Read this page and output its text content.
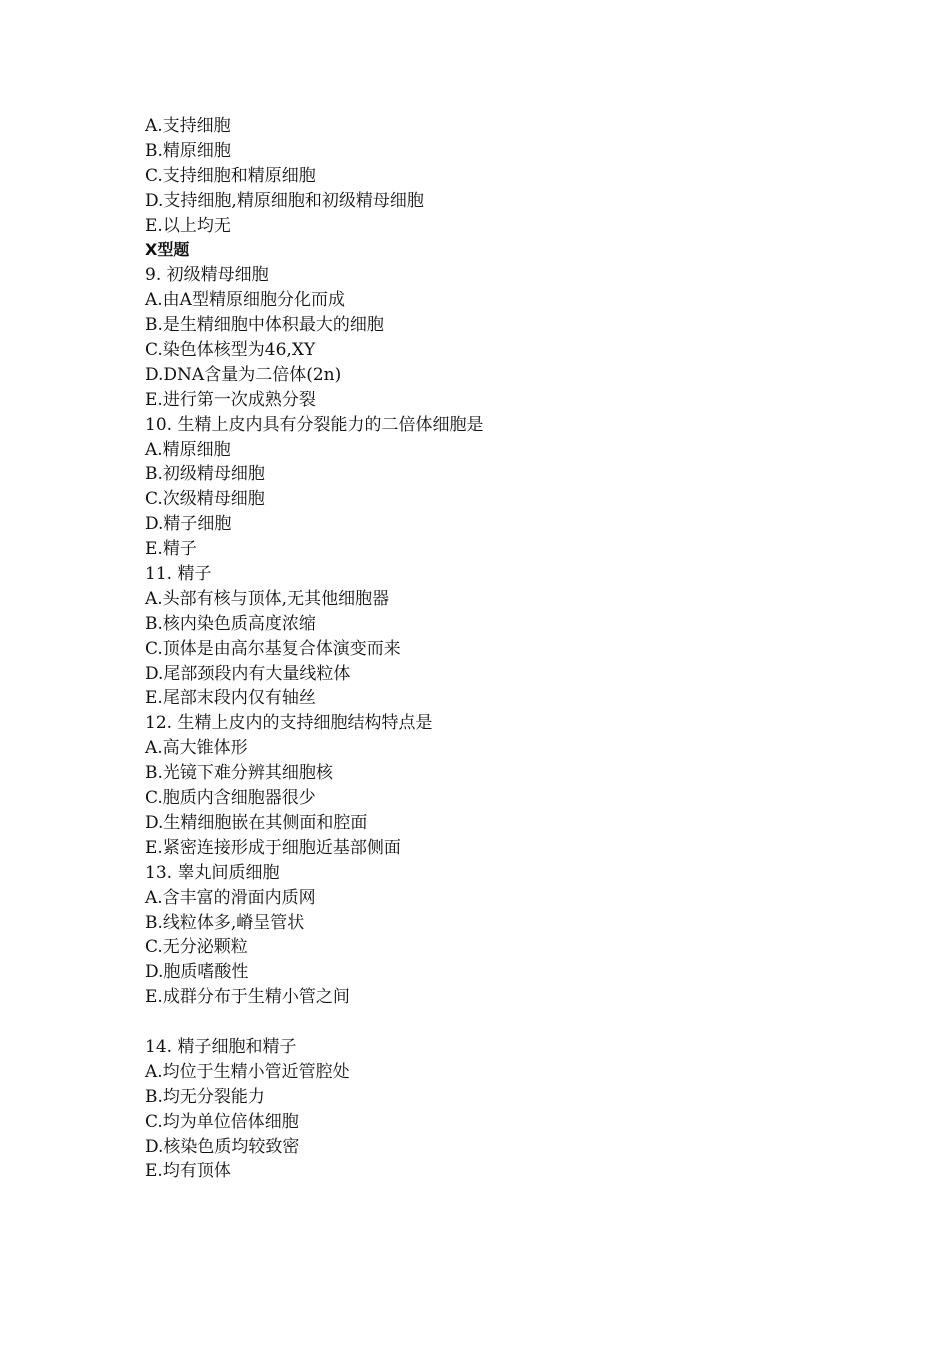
A.支持细胞
B.精原细胞
C.支持细胞和精原细胞
D.支持细胞,精原细胞和初级精母细胞
E.以上均无
X型题
9. 初级精母细胞
A.由A型精原细胞分化而成
B.是生精细胞中体积最大的细胞
C.染色体核型为46,XY
D.DNA含量为二倍体(2n)
E.进行第一次成熟分裂
10. 生精上皮内具有分裂能力的二倍体细胞是
A.精原细胞
B.初级精母细胞
C.次级精母细胞
D.精子细胞
E.精子
11. 精子
A.头部有核与顶体,无其他细胞器
B.核内染色质高度浓缩
C.顶体是由高尔基复合体演变而来
D.尾部颈段内有大量线粒体
E.尾部末段内仅有轴丝
12. 生精上皮内的支持细胞结构特点是
A.高大锥体形
B.光镜下难分辨其细胞核
C.胞质内含细胞器很少
D.生精细胞嵌在其侧面和腔面
E.紧密连接形成于细胞近基部侧面
13. 睾丸间质细胞
A.含丰富的滑面内质网
B.线粒体多,嵴呈管状
C.无分泌颗粒
D.胞质嗜酸性
E.成群分布于生精小管之间
14. 精子细胞和精子
A.均位于生精小管近管腔处
B.均无分裂能力
C.均为单位倍体细胞
D.核染色质均较致密
E.均有顶体
